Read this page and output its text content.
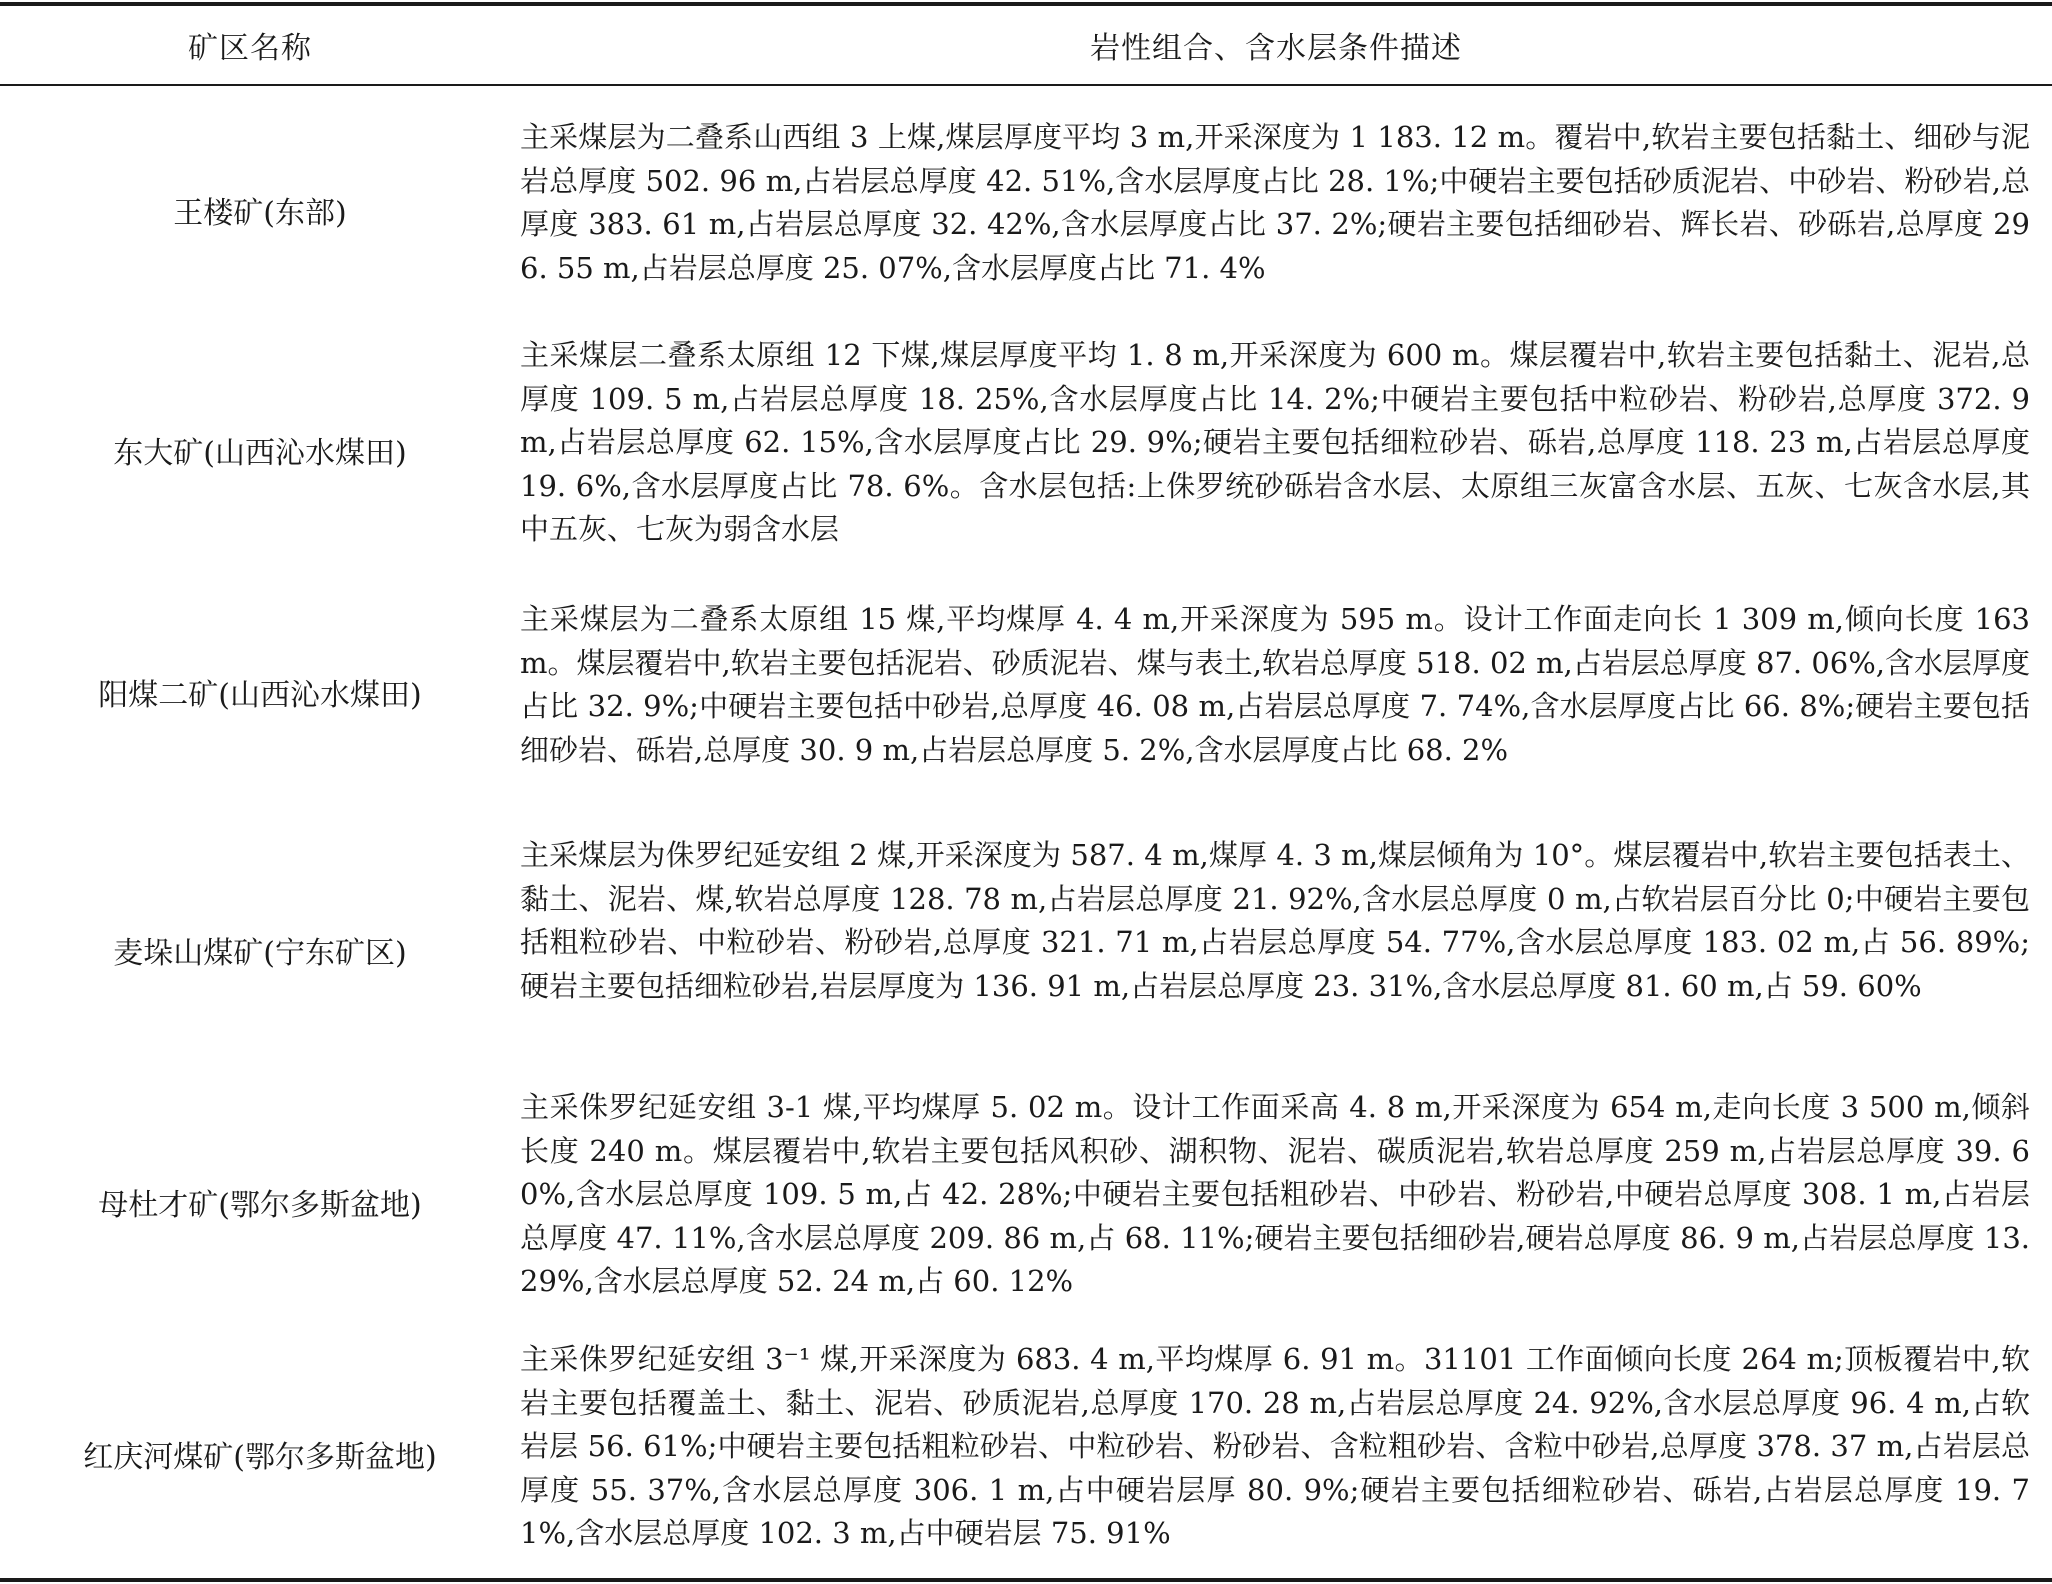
矿区名称	岩性组合、含水层条件描述
王楼矿(东部)
主采煤层为二叠系山西组 3 上煤,煤层厚度平均 3 m,开采深度为 1 183. 12 m。覆岩中,软岩主要包括黏土、细砂与泥岩总厚度 502. 96 m,占岩层总厚度 42. 51%,含水层厚度占比 28. 1%;中硬岩主要包括砂质泥岩、中砂岩、粉砂岩,总厚度 383. 61 m,占岩层总厚度 32. 42%,含水层厚度占比 37. 2%;硬岩主要包括细砂岩、辉长岩、砂砾岩,总厚度 296. 55 m,占岩层总厚度 25. 07%,含水层厚度占比 71. 4%
东大矿(山西沁水煤田)
主采煤层二叠系太原组 12 下煤,煤层厚度平均 1. 8 m,开采深度为 600 m。煤层覆岩中,软岩主要包括黏土、泥岩,总厚度 109. 5 m,占岩层总厚度 18. 25%,含水层厚度占比 14. 2%;中硬岩主要包括中粒砂岩、粉砂岩,总厚度 372. 9 m,占岩层总厚度 62. 15%,含水层厚度占比 29. 9%;硬岩主要包括细粒砂岩、砾岩,总厚度 118. 23 m,占岩层总厚度 19. 6%,含水层厚度占比 78. 6%。含水层包括:上侏罗统砂砾岩含水层、太原组三灰富含水层、五灰、七灰含水层,其中五灰、七灰为弱含水层
阳煤二矿(山西沁水煤田)
主采煤层为二叠系太原组 15 煤,平均煤厚 4. 4 m,开采深度为 595 m。设计工作面走向长 1 309 m,倾向长度 163 m。煤层覆岩中,软岩主要包括泥岩、砂质泥岩、煤与表土,软岩总厚度 518. 02 m,占岩层总厚度 87. 06%,含水层厚度占比 32. 9%;中硬岩主要包括中砂岩,总厚度 46. 08 m,占岩层总厚度 7. 74%,含水层厚度占比 66. 8%;硬岩主要包括细砂岩、砾岩,总厚度 30. 9 m,占岩层总厚度 5. 2%,含水层厚度占比 68. 2%
麦垛山煤矿(宁东矿区)
主采煤层为侏罗纪延安组 2 煤,开采深度为 587. 4 m,煤厚 4. 3 m,煤层倾角为 10°。煤层覆岩中,软岩主要包括表土、黏土、泥岩、煤,软岩总厚度 128. 78 m,占岩层总厚度 21. 92%,含水层总厚度 0 m,占软岩层百分比 0;中硬岩主要包括粗粒砂岩、中粒砂岩、粉砂岩,总厚度 321. 71 m,占岩层总厚度 54. 77%,含水层总厚度 183. 02 m,占 56. 89%;硬岩主要包括细粒砂岩,岩层厚度为 136. 91 m,占岩层总厚度 23. 31%,含水层总厚度 81. 60 m,占 59. 60%
母杜才矿(鄂尔多斯盆地)
主采侏罗纪延安组 3-1 煤,平均煤厚 5. 02 m。设计工作面采高 4. 8 m,开采深度为 654 m,走向长度 3 500 m,倾斜长度 240 m。煤层覆岩中,软岩主要包括风积砂、湖积物、泥岩、碳质泥岩,软岩总厚度 259 m,占岩层总厚度 39. 60%,含水层总厚度 109. 5 m,占 42. 28%;中硬岩主要包括粗砂岩、中砂岩、粉砂岩,中硬岩总厚度 308. 1 m,占岩层总厚度 47. 11%,含水层总厚度 209. 86 m,占 68. 11%;硬岩主要包括细砂岩,硬岩总厚度 86. 9 m,占岩层总厚度 13. 29%,含水层总厚度 52. 24 m,占 60. 12%
红庆河煤矿(鄂尔多斯盆地)
主采侏罗纪延安组 3⁻¹ 煤,开采深度为 683. 4 m,平均煤厚 6. 91 m。31101 工作面倾向长度 264 m;顶板覆岩中,软岩主要包括覆盖土、黏土、泥岩、砂质泥岩,总厚度 170. 28 m,占岩层总厚度 24. 92%,含水层总厚度 96. 4 m,占软岩层 56. 61%;中硬岩主要包括粗粒砂岩、中粒砂岩、粉砂岩、含粒粗砂岩、含粒中砂岩,总厚度 378. 37 m,占岩层总厚度 55. 37%,含水层总厚度 306. 1 m,占中硬岩层厚 80. 9%;硬岩主要包括细粒砂岩、砾岩,占岩层总厚度 19. 71%,含水层总厚度 102. 3 m,占中硬岩层 75. 91%
